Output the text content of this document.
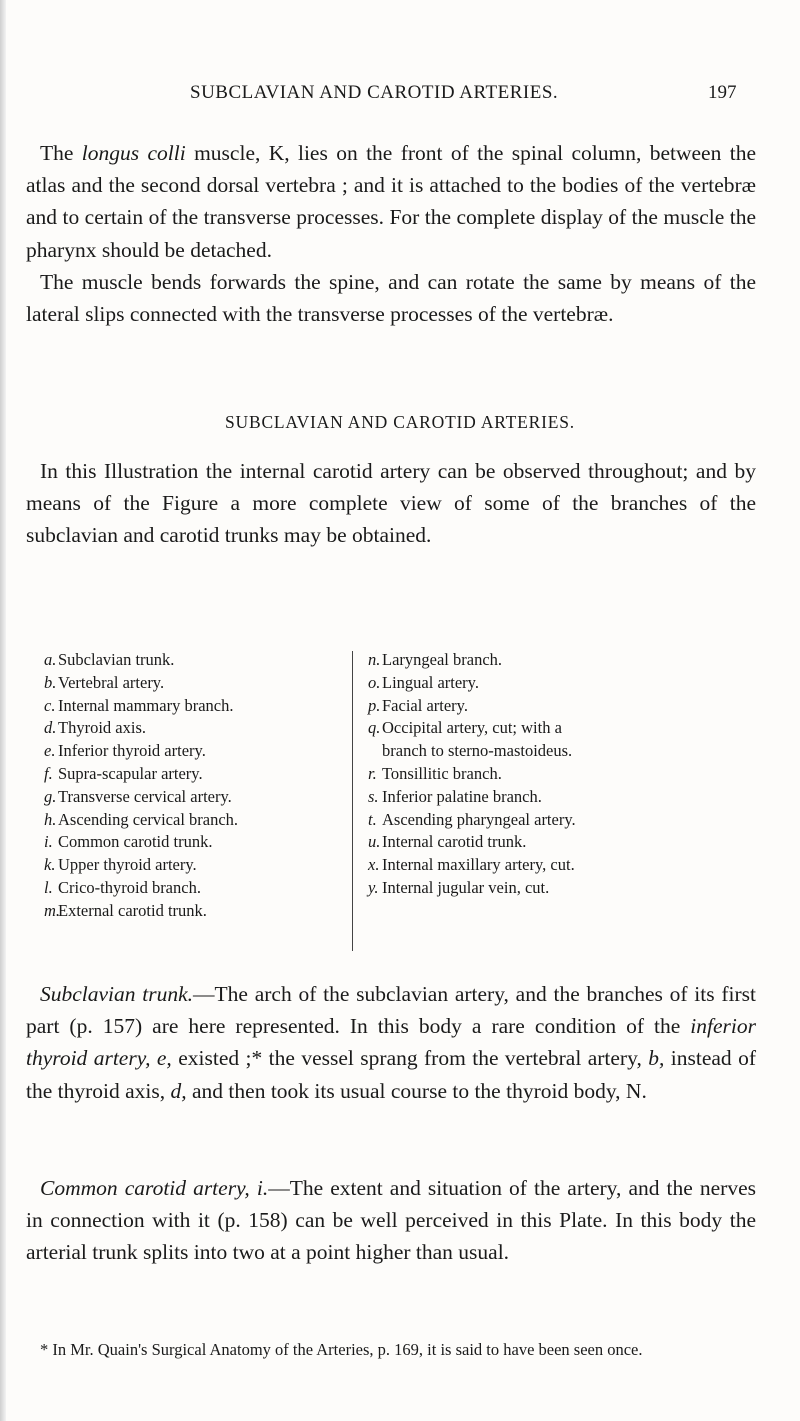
SUBCLAVIAN AND CAROTID ARTERIES.	197

The longus colli muscle, K, lies on the front of the spinal column, between the atlas and the second dorsal vertebra ; and it is attached to the bodies of the vertebræ and to certain of the transverse processes. For the complete display of the muscle the pharynx should be detached.

The muscle bends forwards the spine, and can rotate the same by means of the lateral slips connected with the transverse processes of the vertebræ.

SUBCLAVIAN AND CAROTID ARTERIES.

In this Illustration the internal carotid artery can be observed throughout; and by means of the Figure a more complete view of some of the branches of the subclavian and carotid trunks may be obtained.

a. Subclavian trunk.
b. Vertebral artery.
c. Internal mammary branch.
d. Thyroid axis.
e. Inferior thyroid artery.
f. Supra-scapular artery.
g. Transverse cervical artery.
h. Ascending cervical branch.
i. Common carotid trunk.
k. Upper thyroid artery.
l. Crico-thyroid branch.
m.
External carotid trunk.
n. Laryngeal branch.
o. Lingual artery.
p. Facial artery.
q. Occipital artery, cut; with a
branch to sterno-mastoideus.
r. Tonsillitic branch.
s. Inferior palatine branch.
t. Ascending pharyngeal artery.
u. Internal carotid trunk.
x. Internal maxillary artery, cut.
y. Internal jugular vein, cut.

Subclavian trunk.—The arch of the subclavian artery, and the branches of its first part (p. 157) are here represented. In this body a rare condition of the inferior thyroid artery, e, existed ;* the vessel sprang from the vertebral artery, b, instead of the thyroid axis, d, and then took its usual course to the thyroid body, N.

Common carotid artery, i.—The extent and situation of the artery, and the nerves in connection with it (p. 158) can be well perceived in this Plate. In this body the arterial trunk splits into two at a point higher than usual.

* In Mr. Quain's Surgical Anatomy of the Arteries, p. 169, it is said to have been seen once.
